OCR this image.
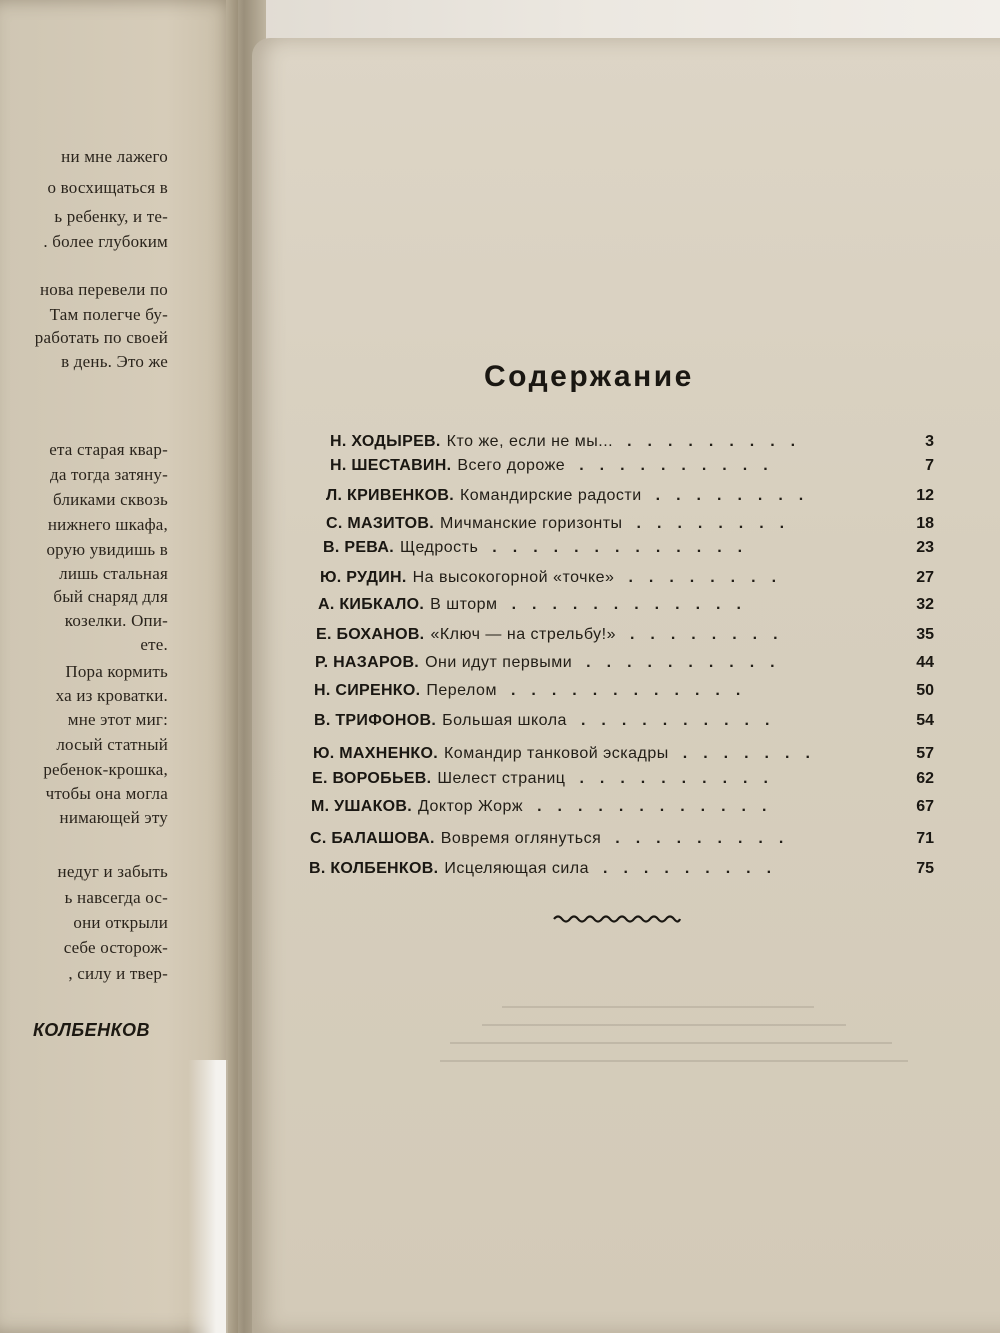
ни мне лажего
о восхищаться в
ь ребенку, и те-
. более глубоким
нова перевели по
Там полегче бу-
работать по своей
в день. Это же
ета старая квар-
да тогда затяну-
бликами сквозь
нижнего шкафа,
орую увидишь в
лишь стальная
бый снаряд для
козелки. Опи-
ете.
Пора кормить
ха из кроватки.
мне этот миг:
лосый статный
ребенок-крошка,
чтобы она могла
нимающей эту
недуг и забыть
ь навсегда ос-
они открыли
себе осторож-
, силу и твер-
КОЛБЕНКОВ
Содержание
Н. ХОДЫРЕВ. Кто же, если не мы...	3
.........
Н. ШЕСТАВИН. Всего дороже	7
..........
Л. КРИВЕНКОВ. Командирские радости	12
........
С. МАЗИТОВ. Мичманские горизонты	18
........
В. РЕВА. Щедрость	23
.............
Ю. РУДИН. На высокогорной «точке»	27
........
А. КИБКАЛО. В шторм	32
............
Е. БОХАНОВ. «Ключ — на стрельбу!»	35
........
Р. НАЗАРОВ. Они идут первыми	44
..........
Н. СИРЕНКО. Перелом	50
............
В. ТРИФОНОВ. Большая школа	54
..........
Ю. МАХНЕНКО. Командир танковой эскадры	57
.......
Е. ВОРОБЬЕВ. Шелест страниц	62
..........
М. УШАКОВ. Доктор Жорж	67
............
С. БАЛАШОВА. Вовремя оглянуться	71
.........
В. КОЛБЕНКОВ. Исцеляющая сила	75
.........
